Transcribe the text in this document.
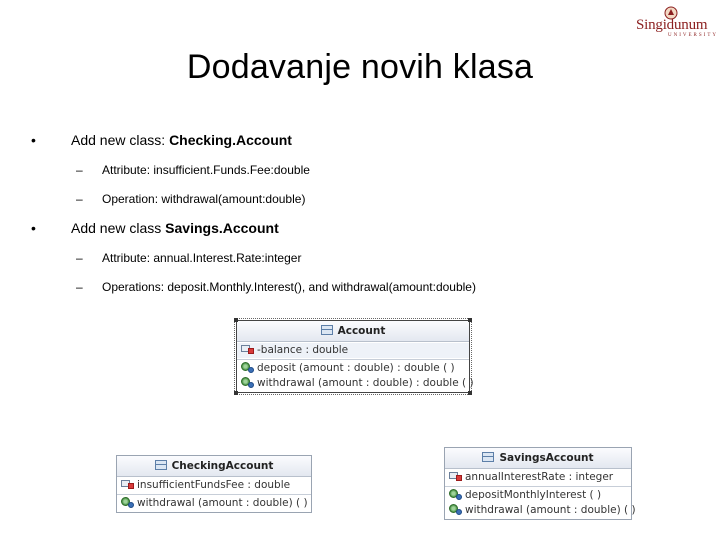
Singidunum
UNIVERSITY
Dodavanje novih klasa
•	Add new class: Checking.Account
– Attribute: insufficient.Funds.Fee:double
– Operation: withdrawal(amount:double)
•	Add new class Savings.Account
– Attribute: annual.Interest.Rate:integer
– Operations: deposit.Monthly.Interest(), and withdrawal(amount:double)
Account
-balance : double
deposit (amount : double) : double ( )
withdrawal (amount : double) : double ( )
CheckingAccount
insufficientFundsFee : double
withdrawal (amount : double) ( )
SavingsAccount
annualInterestRate : integer
depositMonthlyInterest ( )
withdrawal (amount : double) ( )
